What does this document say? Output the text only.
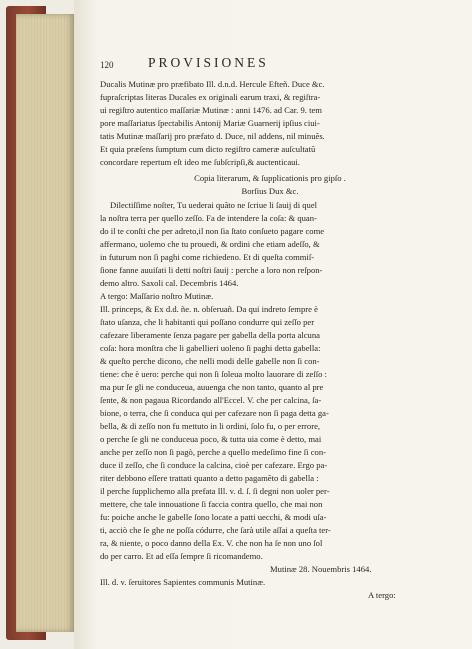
120	PROVISIONES
Ducalis Mutinæ pro præfibato Ill. d.n.d. Hercule Efteñ. Duce &c.
fupraſcriptas literas Ducales ex originali earum traxi, & regiſtra-
ui regiſtro autentico maſſariæ Mutinæ : anni 1476. ad Car. 9. tem
pore maſſariatus ſpectabilis Antonij Mariæ Guarnerij ipſius ciui-
tatis Mutinæ maſſarij pro præfato d. Duce, nil addens, nil minuẽs.
Et quia præſens ſumptum cum dicto regiſtro cameræ auſcultatũ
concordare repertum eſt ideo me ſubſcripſi,& auctenticaui.
Copia literarum, & ſupplicationis pro gipſo .
Borſius Dux &c.
Dilectiſſime noſter, Tu uederai quãto ne ſcriue li ſauij di quel
la noſtra terra per quello zeſſo. Fa de intendere la coſa: & quan-
do il te conſti che per adreto,il non ſia ſtato conſueto pagare come
affermano, uolemo che tu prouedi, & ordini che etiam adeſſo, &
in futurum non ſi paghi come richiedeno. Et di queſta commiſ-
ſione fanne auuiſati li detti noſtri ſauij : perche a loro non reſpon-
demo altro. Saxoli cal. Decembris 1464.
A tergo: Maſſario noſtro Mutinæ.
Ill. princeps, & Ex d.d. ñe. n. obſeruañ. Da qui indreto ſempre è
ſtato uſanza, che li habitanti qui poſſano condurre qui zeſſo per
cafezare liberamente ſenza pagare per gabella della porta alcuna
coſa: hora monſtra che li gabellieri uoleno ſi paghi detta gabella:
& queſto perche dicono, che nelli modi delle gabelle non ſi con-
tiene: che è uero: perche qui non ſi ſoleua molto lauorare di zeſſo :
ma pur ſe gli ne conduceua, auuenga che non tanto, quanto al pre
ſente, & non pagaua Ricordando all'Eccel. V. che per calcina, ſa-
bione, o terra, che ſi conduca qui per cafezare non ſi paga detta ga-
bella, & di zeſſo non fu mettuto in li ordini, ſolo fu, o per errore,
o perche ſe gli ne conduceua poco, & tutta uia come è detto, mai
anche per zeſſo non ſi pagò, perche a quello medeſimo fine ſi con-
duce il zeſſo, che ſi conduce la calcina, cioè per cafezare. Ergo pa-
riter debbono eſſere trattati quanto a detto pagamẽto di gabella :
il perche ſupplichemo alla prefata Ill. v. d. ſ. ſi degni non uoler per-
mettere, che tale innouatione ſi faccia contra quello, che mai non
fu: poiche anche le gabelle ſono locate a patti uecchi, & modi uſa-
ti, acciò che ſe ghe ne poſſa códurre, che ſarà utile aſſai a queſta ter-
ra, & niente, o poco danno della Ex. V. che non ha ſe non uno ſol
do per carro. Et ad eſſa ſempre ſi ricomandemo.
Mutinæ 28. Nouembris 1464.
Ill. d. v. ſeruitores Sapientes communis Mutinæ.
A tergo:
